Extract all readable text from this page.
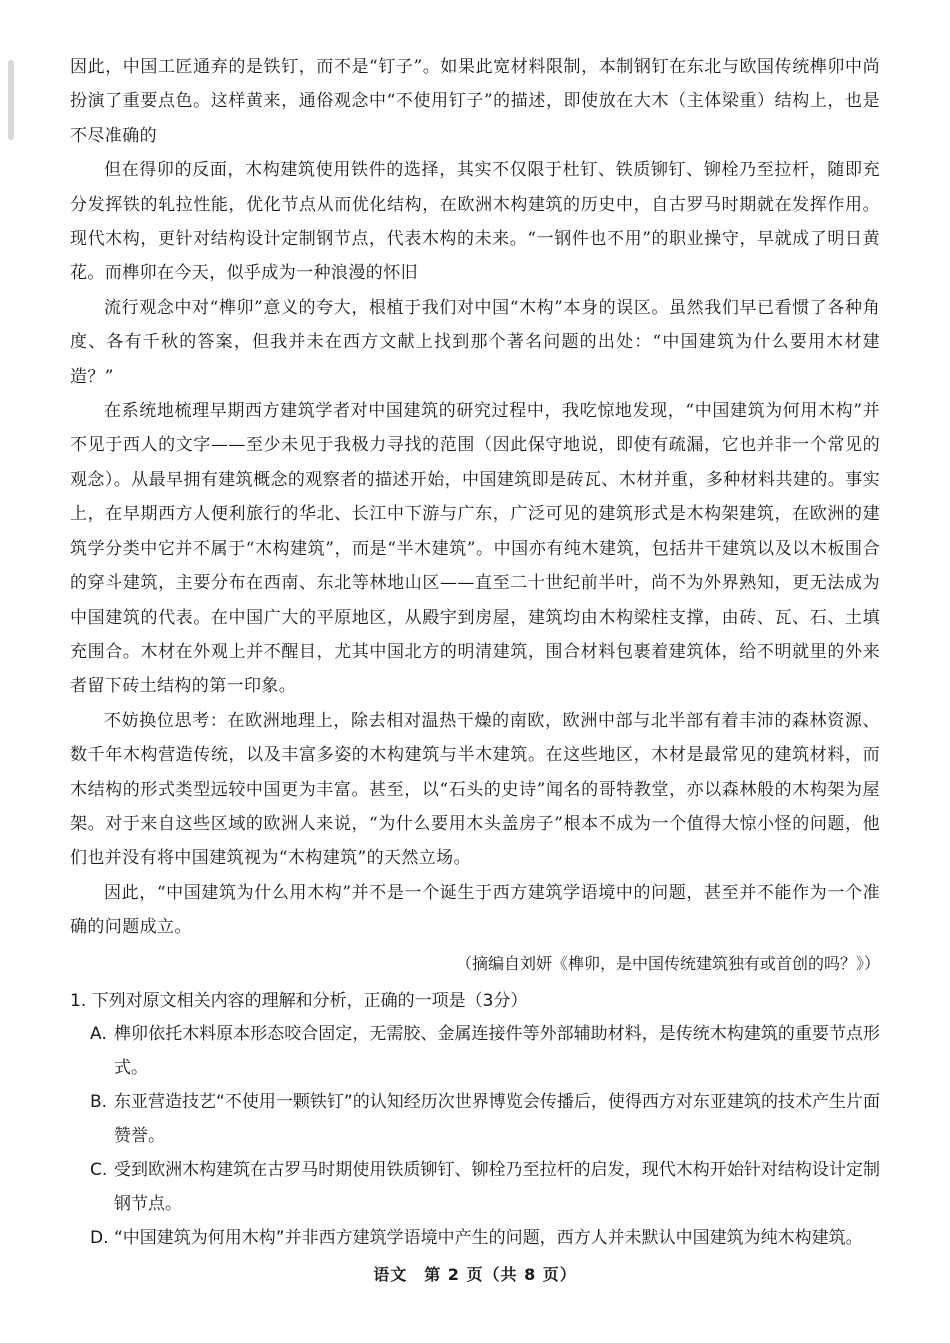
因此，中国工匠通弃的是铁钉，而不是“钉子”。如果此宽材料限制，本制钢钉在东北与欧国传统榫卯中尚扮演了重要点色。这样黄来，通俗观念中“不使用钉子”的描述，即使放在大木（主体梁重）结构上，也是不尽准确的

但在得卯的反面，木构建筑使用铁件的选择，其实不仅限于杜钉、铁质铆钉、铆栓乃至拉杆，随即充分发挥铁的轧拉性能，优化节点从而优化结构，在欧洲木构建筑的历史中，自古罗马时期就在发挥作用。现代木构，更针对结构设计定制钢节点，代表木构的未来。“一钢件也不用”的职业操守，早就成了明日黄花。而榫卯在今天，似乎成为一种浪漫的怀旧

流行观念中对“榫卯”意义的夸大，根植于我们对中国“木构”本身的误区。虽然我们早已看惯了各种角度、各有千秋的答案，但我并未在西方文献上找到那个著名问题的出处：“中国建筑为什么要用木材建造？”

在系统地梳理早期西方建筑学者对中国建筑的研究过程中，我吃惊地发现，“中国建筑为何用木构”并不见于西人的文字——至少未见于我极力寻找的范围（因此保守地说，即使有疏漏，它也并非一个常见的观念）。从最早拥有建筑概念的观察者的描述开始，中国建筑即是砖瓦、木材并重，多种材料共建的。事实上，在早期西方人便利旅行的华北、长江中下游与广东，广泛可见的建筑形式是木构架建筑，在欧洲的建筑学分类中它并不属于“木构建筑”，而是“半木建筑”。中国亦有纯木建筑，包括井干建筑以及以木板围合的穿斗建筑，主要分布在西南、东北等林地山区——直至二十世纪前半叶，尚不为外界熟知，更无法成为中国建筑的代表。在中国广大的平原地区，从殿宇到房屋，建筑均由木构梁柱支撑，由砖、瓦、石、土填充围合。木材在外观上并不醒目，尤其中国北方的明清建筑，围合材料包裹着建筑体，给不明就里的外来者留下砖土结构的第一印象。

不妨换位思考：在欧洲地理上，除去相对温热干燥的南欧，欧洲中部与北半部有着丰沛的森林资源、数千年木构营造传统，以及丰富多姿的木构建筑与半木建筑。在这些地区，木材是最常见的建筑材料，而木结构的形式类型远较中国更为丰富。甚至，以“石头的史诗”闻名的哥特教堂，亦以森林般的木构架为屋架。对于来自这些区域的欧洲人来说，“为什么要用木头盖房子”根本不成为一个值得大惊小怪的问题，他们也并没有将中国建筑视为“木构建筑”的天然立场。

因此，“中国建筑为什么用木构”并不是一个诞生于西方建筑学语境中的问题，甚至并不能作为一个准确的问题成立。

（摘编自刘妍《榫卯，是中国传统建筑独有或首创的吗？》）

1. 下列对原文相关内容的理解和分析，正确的一项是（3分）

A. 榫卯依托木料原本形态咬合固定，无需胶、金属连接件等外部辅助材料，是传统木构建筑的重要节点形式。

B. 东亚营造技艺“不使用一颗铁钉”的认知经历次世界博览会传播后，使得西方对东亚建筑的技术产生片面赞誉。

C. 受到欧洲木构建筑在古罗马时期使用铁质铆钉、铆栓乃至拉杆的启发，现代木构开始针对结构设计定制钢节点。

D. “中国建筑为何用木构”并非西方建筑学语境中产生的问题，西方人并未默认中国建筑为纯木构建筑。

语文　第 2 页（共 8 页）
